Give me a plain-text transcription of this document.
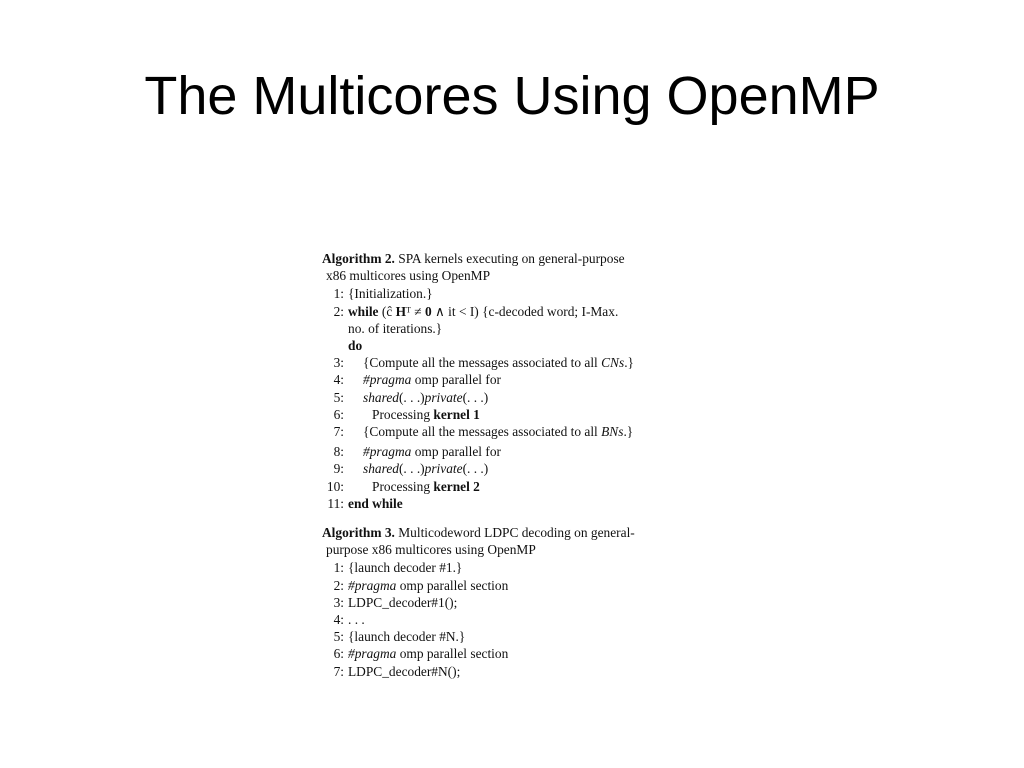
The Multicores Using OpenMP
Algorithm 2. SPA kernels executing on general-purpose
x86 multicores using OpenMP
1: {Initialization.}
2: while (ĉ Hᵀ ≠ 0 ∧ it < I) {c-decoded word; I-Max.
no. of iterations.}
do
3:	{Compute all the messages associated to all CNs.}
4:	#pragma omp parallel for
5:	shared(. . .)private(. . .)
6:	Processing kernel 1
7:	{Compute all the messages associated to all BNs.}
8:	#pragma omp parallel for
9:	shared(. . .)private(. . .)
10:	Processing kernel 2
11: end while
Algorithm 3. Multicodeword LDPC decoding on general-
purpose x86 multicores using OpenMP
1: {launch decoder #1.}
2: #pragma omp parallel section
3: LDPC_decoder#1();
4: . . .
5: {launch decoder #N.}
6: #pragma omp parallel section
7: LDPC_decoder#N();
